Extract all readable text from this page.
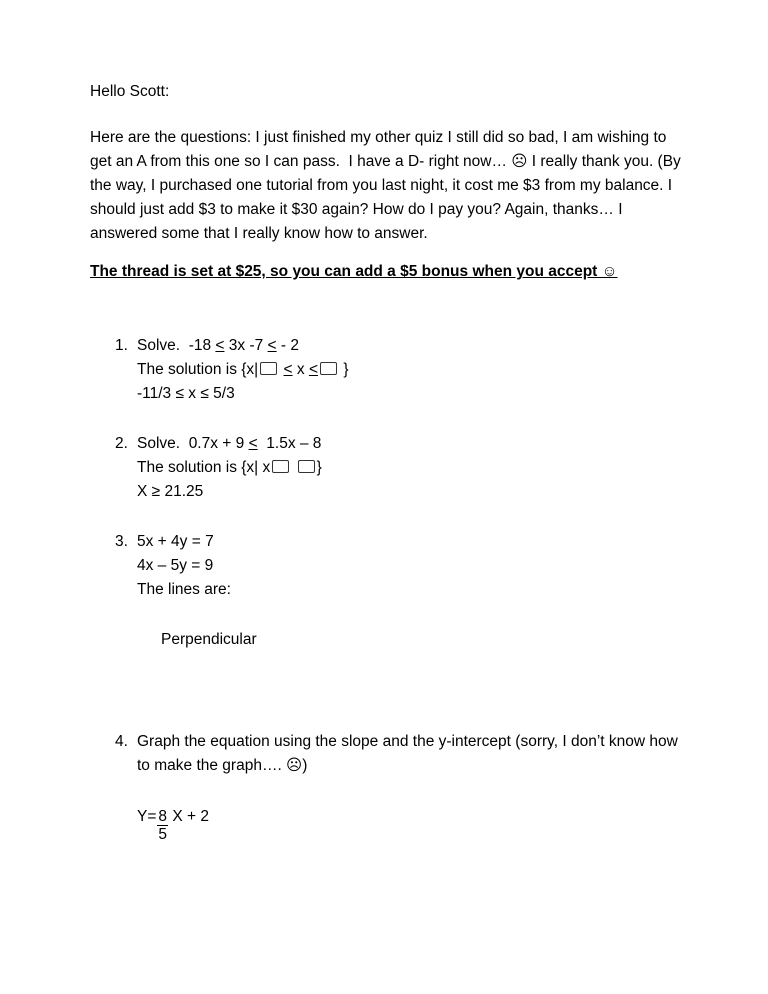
Hello Scott:

Here are the questions: I just finished my other quiz I still did so bad, I am wishing to get an A from this one so I can pass.  I have a D- right now… ☹ I really thank you. (By the way, I purchased one tutorial from you last night, it cost me $3 from my balance. I should just add $3 to make it $30 again? How do I pay you? Again, thanks… I answered some that I really know how to answer.

The thread is set at $25, so you can add a $5 bonus when you accept ☺

1. Solve.  -18 < 3x -7 < - 2
The solution is {x| < x < }
-11/3 ≤ x ≤ 5/3
2. Solve.  0.7x + 9 <  1.5x – 8
The solution is {x| x	}
X ≥ 21.25
3. 5x + 4y = 7
4x – 5y = 9
The lines are:
Perpendicular
4. Graph the equation using the slope and the y-intercept (sorry, I don’t know how to make the graph…. ☹)
$Y= \frac{8}{5}$ X + 2
